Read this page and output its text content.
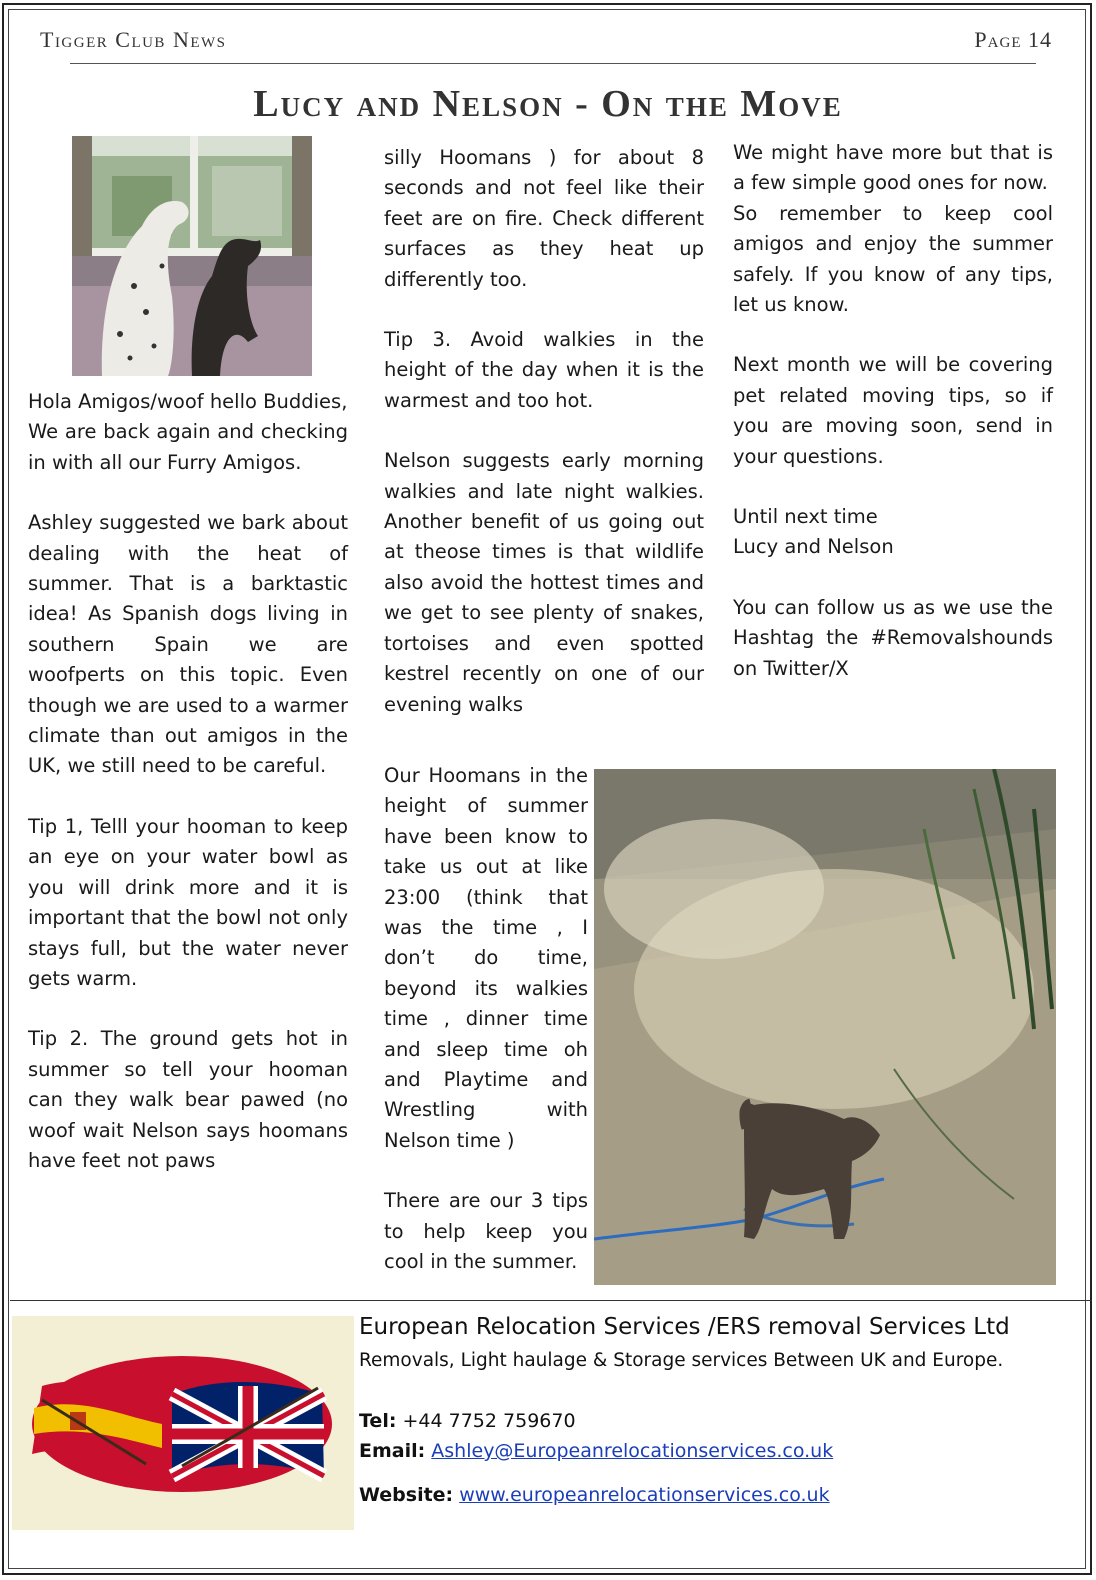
Tigger Club News	Page 14
Lucy and Nelson - On the Move

Hola Amigos/woof hello Buddies,
We are back again and checking in with all our Furry Amigos.

Ashley suggested we bark about dealing with the heat of summer. That is a barktastic idea! As Spanish dogs living in southern Spain we are woofperts on this topic. Even though we are used to a warmer climate than out amigos in the UK, we still need to be careful.

Tip 1, Telll your hooman to keep an eye on your water bowl as you will drink more and it is important that the bowl not only stays full, but the water never gets warm.

Tip 2. The ground gets hot in summer so tell your hooman can they walk bear pawed (no woof wait Nelson says hoomans have feet not paws

silly Hoomans ) for about 8 seconds and not feel like their feet are on fire. Check different surfaces as they heat up differently too.

Tip 3. Avoid walkies in the height of the day when it is the warmest and too hot.

Nelson suggests early morning walkies and late night walkies. Another benefit of us going out at theose times is that wildlife also avoid the hottest times and we get to see plenty of snakes, tortoises and even spotted kestrel recently on one of our evening walks

Our Hoomans in the height of summer have been know to take us out at like 23:00 (think that was the time , I don’t do time, beyond its walkies time , dinner time and sleep time oh and Playtime and Wrestling with Nelson time )

There are our 3 tips to help keep you cool in the summer.

We might have more but that is a few simple good ones for now.
So remember to keep cool amigos and enjoy the summer safely. If you know of any tips, let us know.

Next month we will be covering pet related moving tips, so if you are moving soon, send in your questions.

Until next time
Lucy and Nelson

You can follow us as we use the Hashtag the #Removalshounds on Twitter/X

European Relocation Services /ERS removal Services Ltd
Removals, Light haulage & Storage services Between UK and Europe.
Tel: +44 7752 759670
Email: Ashley@Europeanrelocationservices.co.uk
Website: www.europeanrelocationservices.co.uk
